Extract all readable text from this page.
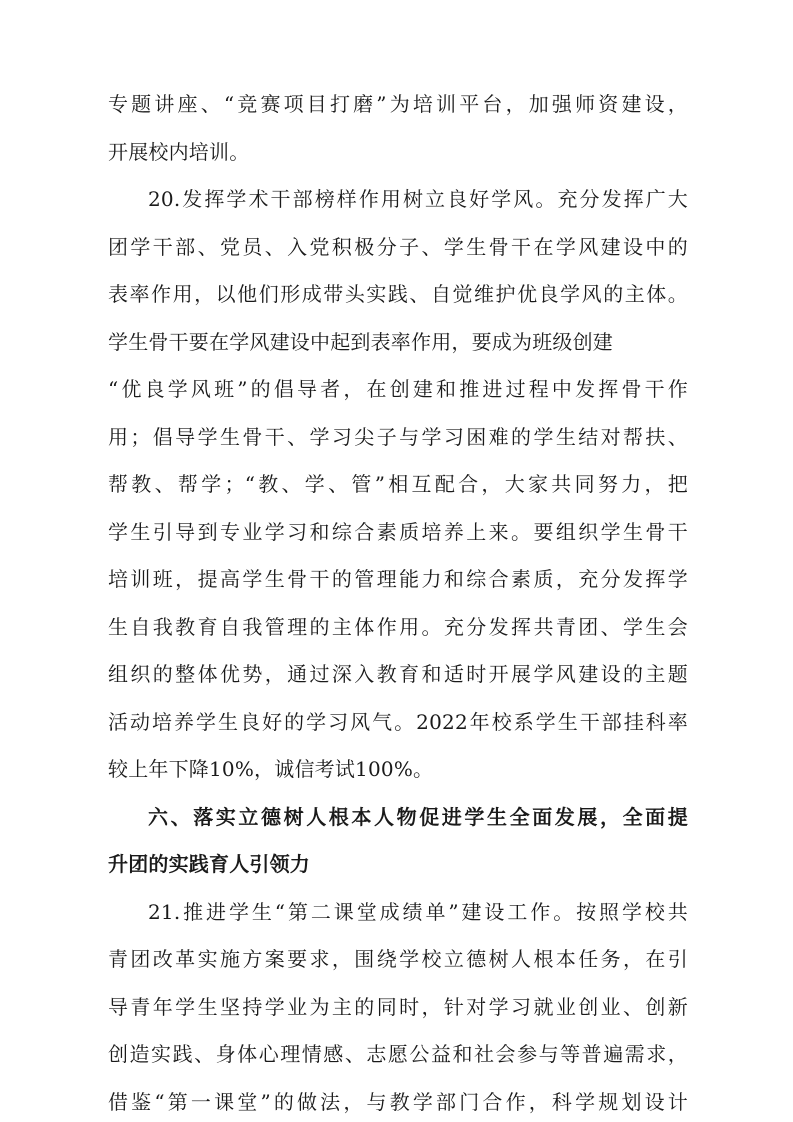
专题讲座、“竞赛项目打磨”为培训平台，加强师资建设，
开展校内培训。
20.发挥学术干部榜样作用树立良好学风。充分发挥广大
团学干部、党员、入党积极分子、学生骨干在学风建设中的
表率作用，以他们形成带头实践、自觉维护优良学风的主体。
学生骨干要在学风建设中起到表率作用，要成为班级创建
“优良学风班”的倡导者，在创建和推进过程中发挥骨干作
用；倡导学生骨干、学习尖子与学习困难的学生结对帮扶、
帮教、帮学；“教、学、管”相互配合，大家共同努力，把
学生引导到专业学习和综合素质培养上来。要组织学生骨干
培训班，提高学生骨干的管理能力和综合素质，充分发挥学
生自我教育自我管理的主体作用。充分发挥共青团、学生会
组织的整体优势，通过深入教育和适时开展学风建设的主题
活动培养学生良好的学习风气。2022年校系学生干部挂科率
较上年下降10%，诚信考试100%。
六、落实立德树人根本人物促进学生全面发展，全面提
升团的实践育人引领力
21.推进学生“第二课堂成绩单”建设工作。按照学校共
青团改革实施方案要求，围绕学校立德树人根本任务，在引
导青年学生坚持学业为主的同时，针对学习就业创业、创新
创造实践、身体心理情感、志愿公益和社会参与等普遍需求，
借鉴“第一课堂”的做法，与教学部门合作，科学规划设计
